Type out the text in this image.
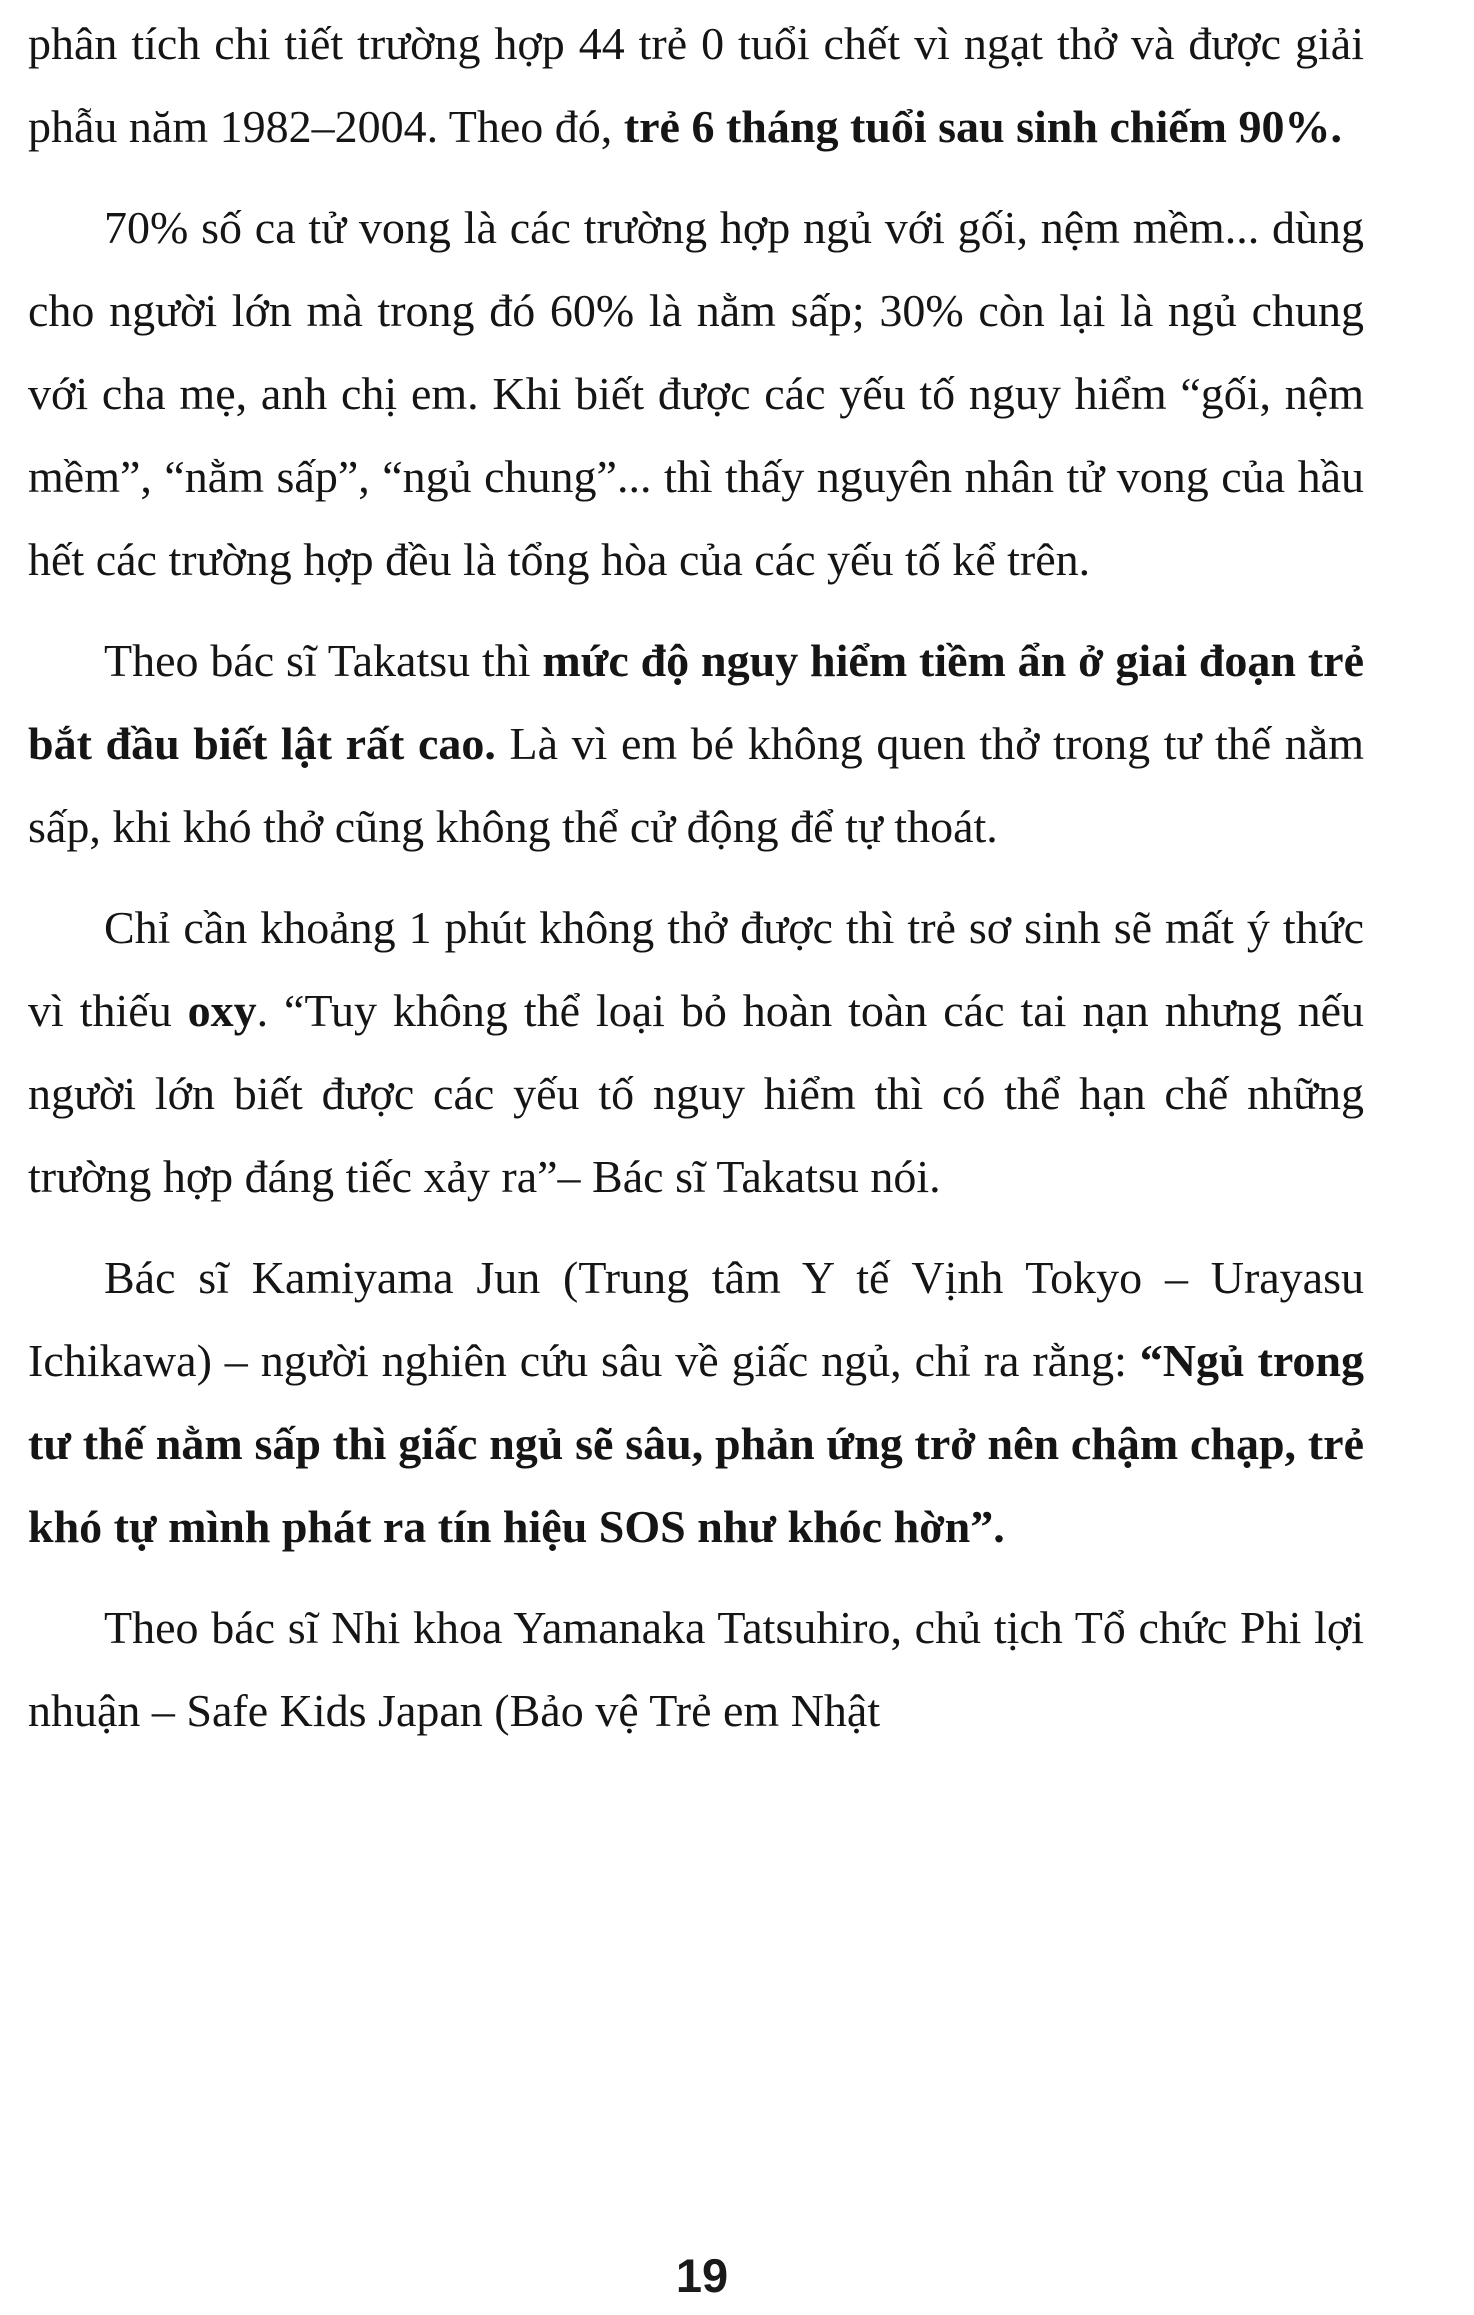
phân tích chi tiết trường hợp 44 trẻ 0 tuổi chết vì ngạt thở và được giải phẫu năm 1982–2004. Theo đó, trẻ 6 tháng tuổi sau sinh chiếm 90%.

70% số ca tử vong là các trường hợp ngủ với gối, nệm mềm... dùng cho người lớn mà trong đó 60% là nằm sấp; 30% còn lại là ngủ chung với cha mẹ, anh chị em. Khi biết được các yếu tố nguy hiểm “gối, nệm mềm”, “nằm sấp”, “ngủ chung”... thì thấy nguyên nhân tử vong của hầu hết các trường hợp đều là tổng hòa của các yếu tố kể trên.

Theo bác sĩ Takatsu thì mức độ nguy hiểm tiềm ẩn ở giai đoạn trẻ bắt đầu biết lật rất cao. Là vì em bé không quen thở trong tư thế nằm sấp, khi khó thở cũng không thể cử động để tự thoát.

Chỉ cần khoảng 1 phút không thở được thì trẻ sơ sinh sẽ mất ý thức vì thiếu oxy. “Tuy không thể loại bỏ hoàn toàn các tai nạn nhưng nếu người lớn biết được các yếu tố nguy hiểm thì có thể hạn chế những trường hợp đáng tiếc xảy ra”– Bác sĩ Takatsu nói.

Bác sĩ Kamiyama Jun (Trung tâm Y tế Vịnh Tokyo – Urayasu Ichikawa) – người nghiên cứu sâu về giấc ngủ, chỉ ra rằng: “Ngủ trong tư thế nằm sấp thì giấc ngủ sẽ sâu, phản ứng trở nên chậm chạp, trẻ khó tự mình phát ra tín hiệu SOS như khóc hờn”.

Theo bác sĩ Nhi khoa Yamanaka Tatsuhiro, chủ tịch Tổ chức Phi lợi nhuận – Safe Kids Japan (Bảo vệ Trẻ em Nhật

19
